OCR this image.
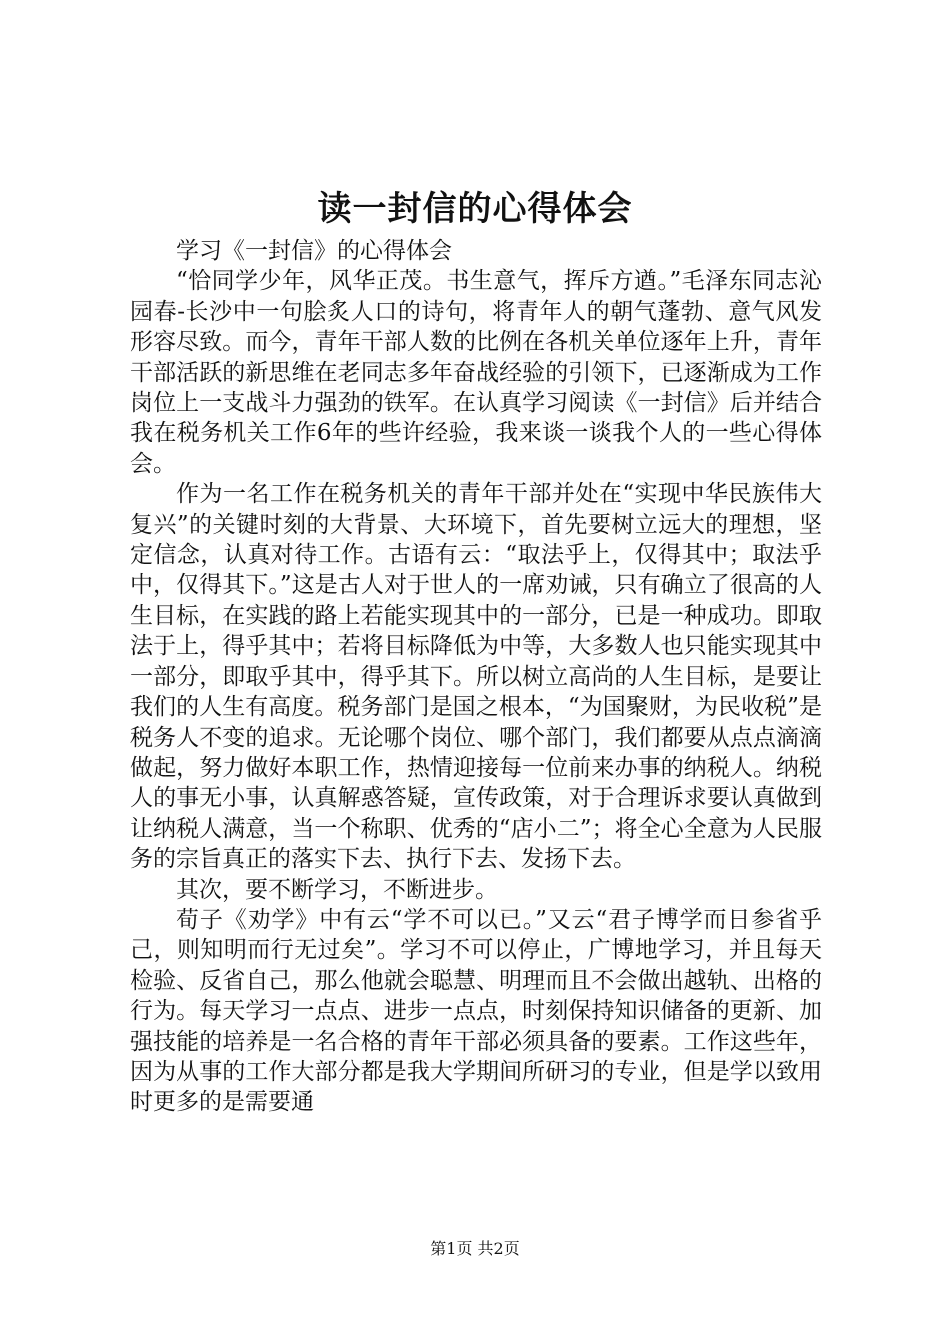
读一封信的心得体会

学习《一封信》的心得体会

“恰同学少年，风华正茂。书生意气，挥斥方遒。”毛泽东同志沁园春-长沙中一句脍炙人口的诗句，将青年人的朝气蓬勃、意气风发形容尽致。而今，青年干部人数的比例在各机关单位逐年上升，青年干部活跃的新思维在老同志多年奋战经验的引领下，已逐渐成为工作岗位上一支战斗力强劲的铁军。在认真学习阅读《一封信》后并结合我在税务机关工作6年的些许经验，我来谈一谈我个人的一些心得体会。

作为一名工作在税务机关的青年干部并处在“实现中华民族伟大复兴”的关键时刻的大背景、大环境下，首先要树立远大的理想，坚定信念，认真对待工作。古语有云：“取法乎上，仅得其中；取法乎中，仅得其下。”这是古人对于世人的一席劝诫，只有确立了很高的人生目标，在实践的路上若能实现其中的一部分，已是一种成功。即取法于上，得乎其中；若将目标降低为中等，大多数人也只能实现其中一部分，即取乎其中，得乎其下。所以树立高尚的人生目标，是要让我们的人生有高度。税务部门是国之根本，“为国聚财，为民收税”是税务人不变的追求。无论哪个岗位、哪个部门，我们都要从点点滴滴做起，努力做好本职工作，热情迎接每一位前来办事的纳税人。纳税人的事无小事，认真解惑答疑，宣传政策，对于合理诉求要认真做到让纳税人满意，当一个称职、优秀的“店小二”；将全心全意为人民服务的宗旨真正的落实下去、执行下去、发扬下去。

其次，要不断学习，不断进步。

荀子《劝学》中有云“学不可以已。”又云“君子博学而日参省乎己，则知明而行无过矣”。学习不可以停止，广博地学习，并且每天检验、反省自己，那么他就会聪慧、明理而且不会做出越轨、出格的行为。每天学习一点点、进步一点点，时刻保持知识储备的更新、加强技能的培养是一名合格的青年干部必须具备的要素。工作这些年，因为从事的工作大部分都是我大学期间所研习的专业，但是学以致用时更多的是需要通

第1页 共2页
